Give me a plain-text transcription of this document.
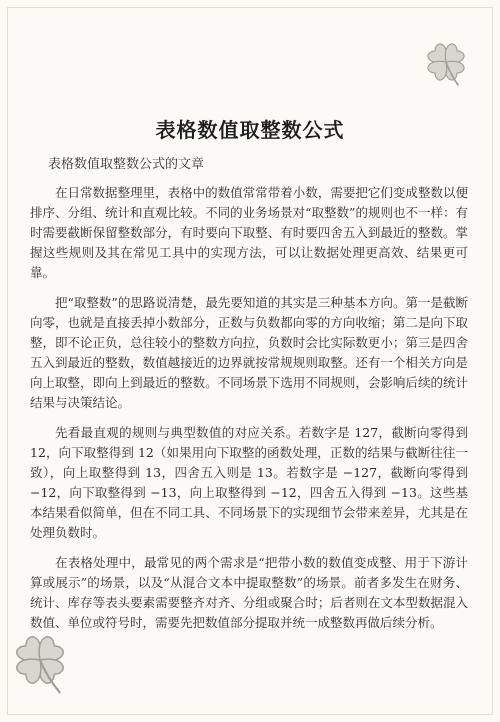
表格数值取整数公式
表格数值取整数公式的文章

在日常数据整理里，表格中的数值常常带着小数，需要把它们变成整数以便排序、分组、统计和直观比较。不同的业务场景对“取整数”的规则也不一样：有时需要截断保留整数部分，有时要向下取整、有时要四舍五入到最近的整数。掌握这些规则及其在常见工具中的实现方法，可以让数据处理更高效、结果更可靠。

把“取整数”的思路说清楚，最先要知道的其实是三种基本方向。第一是截断向零，也就是直接丢掉小数部分，正数与负数都向零的方向收缩；第二是向下取整，即不论正负，总往较小的整数方向拉，负数时会比实际数更小；第三是四舍五入到最近的整数，数值越接近的边界就按常规规则取整。还有一个相关方向是向上取整，即向上到最近的整数。不同场景下选用不同规则，会影响后续的统计结果与决策结论。

先看最直观的规则与典型数值的对应关系。若数字是 127，截断向零得到 12，向下取整得到 12（如果用向下取整的函数处理，正数的结果与截断往往一致），向上取整得到 13，四舍五入则是 13。若数字是 −127，截断向零得到 −12，向下取整得到 −13，向上取整得到 −12，四舍五入得到 −13。这些基本结果看似简单，但在不同工具、不同场景下的实现细节会带来差异，尤其是在处理负数时。

在表格处理中，最常见的两个需求是“把带小数的数值变成整、用于下游计算或展示”的场景，以及“从混合文本中提取整数”的场景。前者多发生在财务、统计、库存等表头要素需要整齐对齐、分组或聚合时；后者则在文本型数据混入数值、单位或符号时，需要先把数值部分提取并统一成整数再做后续分析。
